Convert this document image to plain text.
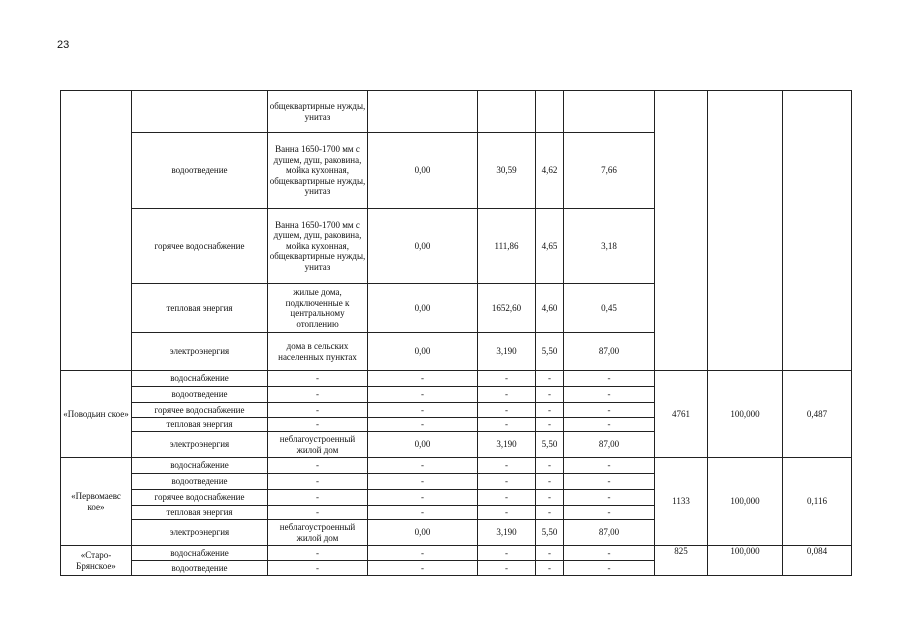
23
		общеквартирные нужды, унитаз							
	водоотведение	Ванна 1650-1700 мм с душем, душ, раковина, мойка кухонная, общеквартирные нужды, унитаз	0,00	30,59	4,62	7,66			
	горячее водоснабжение	Ванна 1650-1700 мм с душем, душ, раковина, мойка кухонная, общеквартирные нужды, унитаз	0,00	111,86	4,65	3,18			
	тепловая энергия	жилые дома, подключенные к центральному отоплению	0,00	1652,60	4,60	0,45			
	электроэнергия	дома в сельских населенных пунктах	0,00	3,190	5,50	87,00			
«Поводьин ское»	водоснабжение	-	-	-	-	-	4761	100,000	0,487
	водоотведение	-	-	-	-	-			
	горячее водоснабжение	-	-	-	-	-			
	тепловая энергия	-	-	-	-	-			
	электроэнергия	неблагоустроенный жилой дом	0,00	3,190	5,50	87,00			
«Первомаевс кое»	водоснабжение	-	-	-	-	-	1133	100,000	0,116
	водоотведение	-	-	-	-	-			
	горячее водоснабжение	-	-	-	-	-			
	тепловая энергия	-	-	-	-	-			
	электроэнергия	неблагоустроенный жилой дом	0,00	3,190	5,50	87,00			
«Старо-Брянское»	водоснабжение	-	-	-	-	-	825	100,000	0,084
	водоотведение	-	-	-	-	-			
